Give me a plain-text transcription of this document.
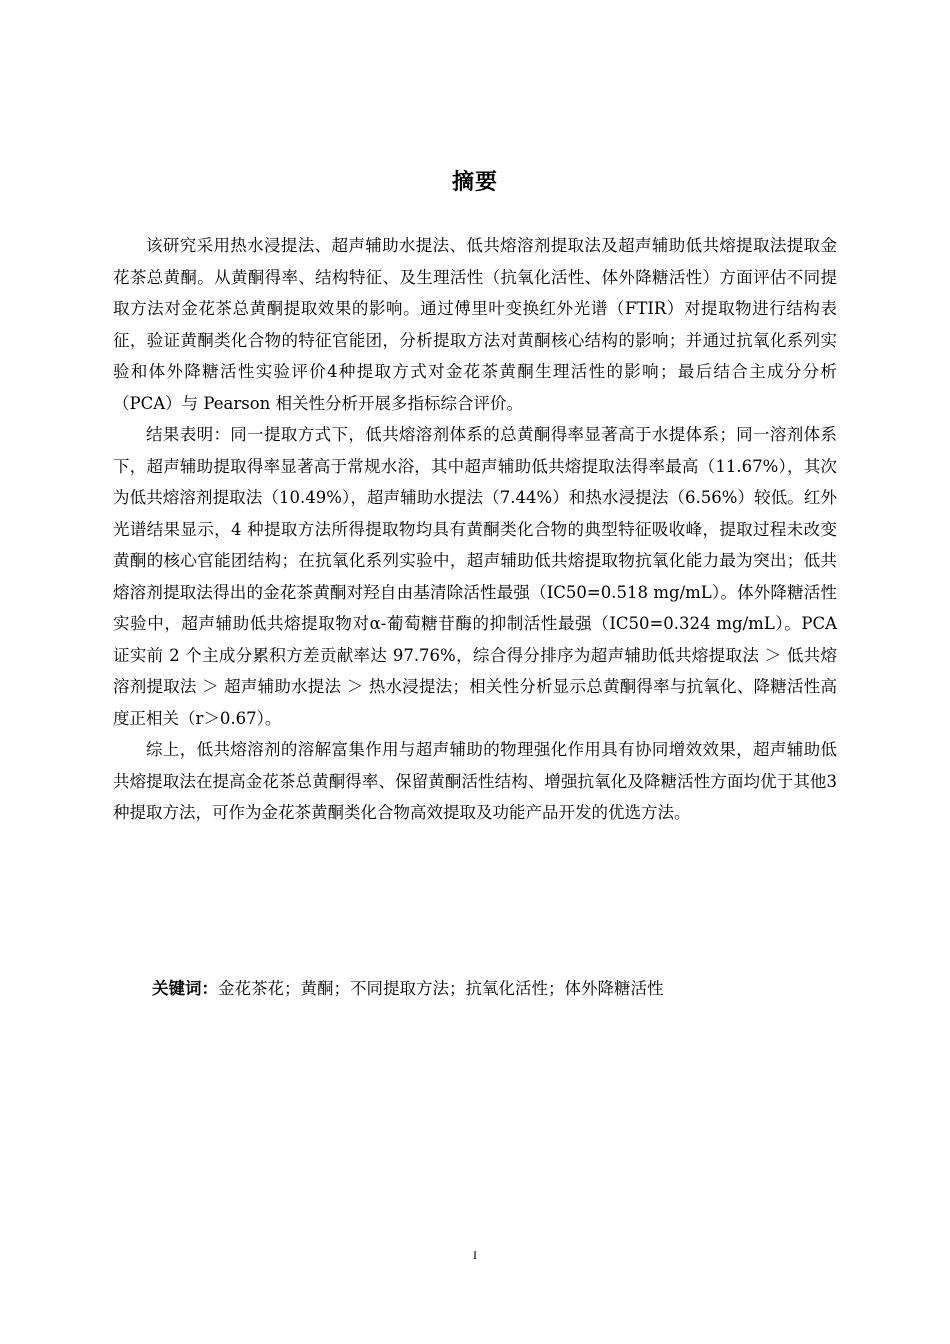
摘要

该研究采用热水浸提法、超声辅助水提法、低共熔溶剂提取法及超声辅助低共熔提取法提取金花茶总黄酮。从黄酮得率、结构特征、及生理活性（抗氧化活性、体外降糖活性）方面评估不同提取方法对金花茶总黄酮提取效果的影响。通过傅里叶变换红外光谱（FTIR）对提取物进行结构表征，验证黄酮类化合物的特征官能团，分析提取方法对黄酮核心结构的影响；并通过抗氧化系列实验和体外降糖活性实验评价4种提取方式对金花茶黄酮生理活性的影响；最后结合主成分分析（PCA）与 Pearson 相关性分析开展多指标综合评价。

结果表明：同一提取方式下，低共熔溶剂体系的总黄酮得率显著高于水提体系；同一溶剂体系下，超声辅助提取得率显著高于常规水浴，其中超声辅助低共熔提取法得率最高（11.67%），其次为低共熔溶剂提取法（10.49%），超声辅助水提法（7.44%）和热水浸提法（6.56%）较低。红外光谱结果显示，4 种提取方法所得提取物均具有黄酮类化合物的典型特征吸收峰，提取过程未改变黄酮的核心官能团结构；在抗氧化系列实验中，超声辅助低共熔提取物抗氧化能力最为突出；低共熔溶剂提取法得出的金花茶黄酮对羟自由基清除活性最强（IC50=0.518 mg/mL）。体外降糖活性实验中，超声辅助低共熔提取物对α-葡萄糖苷酶的抑制活性最强（IC50=0.324 mg/mL）。PCA 证实前 2 个主成分累积方差贡献率达 97.76%，综合得分排序为超声辅助低共熔提取法 ＞ 低共熔溶剂提取法 ＞ 超声辅助水提法 ＞ 热水浸提法；相关性分析显示总黄酮得率与抗氧化、降糖活性高度正相关（r＞0.67）。

综上，低共熔溶剂的溶解富集作用与超声辅助的物理强化作用具有协同增效效果，超声辅助低共熔提取法在提高金花茶总黄酮得率、保留黄酮活性结构、增强抗氧化及降糖活性方面均优于其他3种提取方法，可作为金花茶黄酮类化合物高效提取及功能产品开发的优选方法。

关键词：金花茶花；黄酮；不同提取方法；抗氧化活性；体外降糖活性
I
